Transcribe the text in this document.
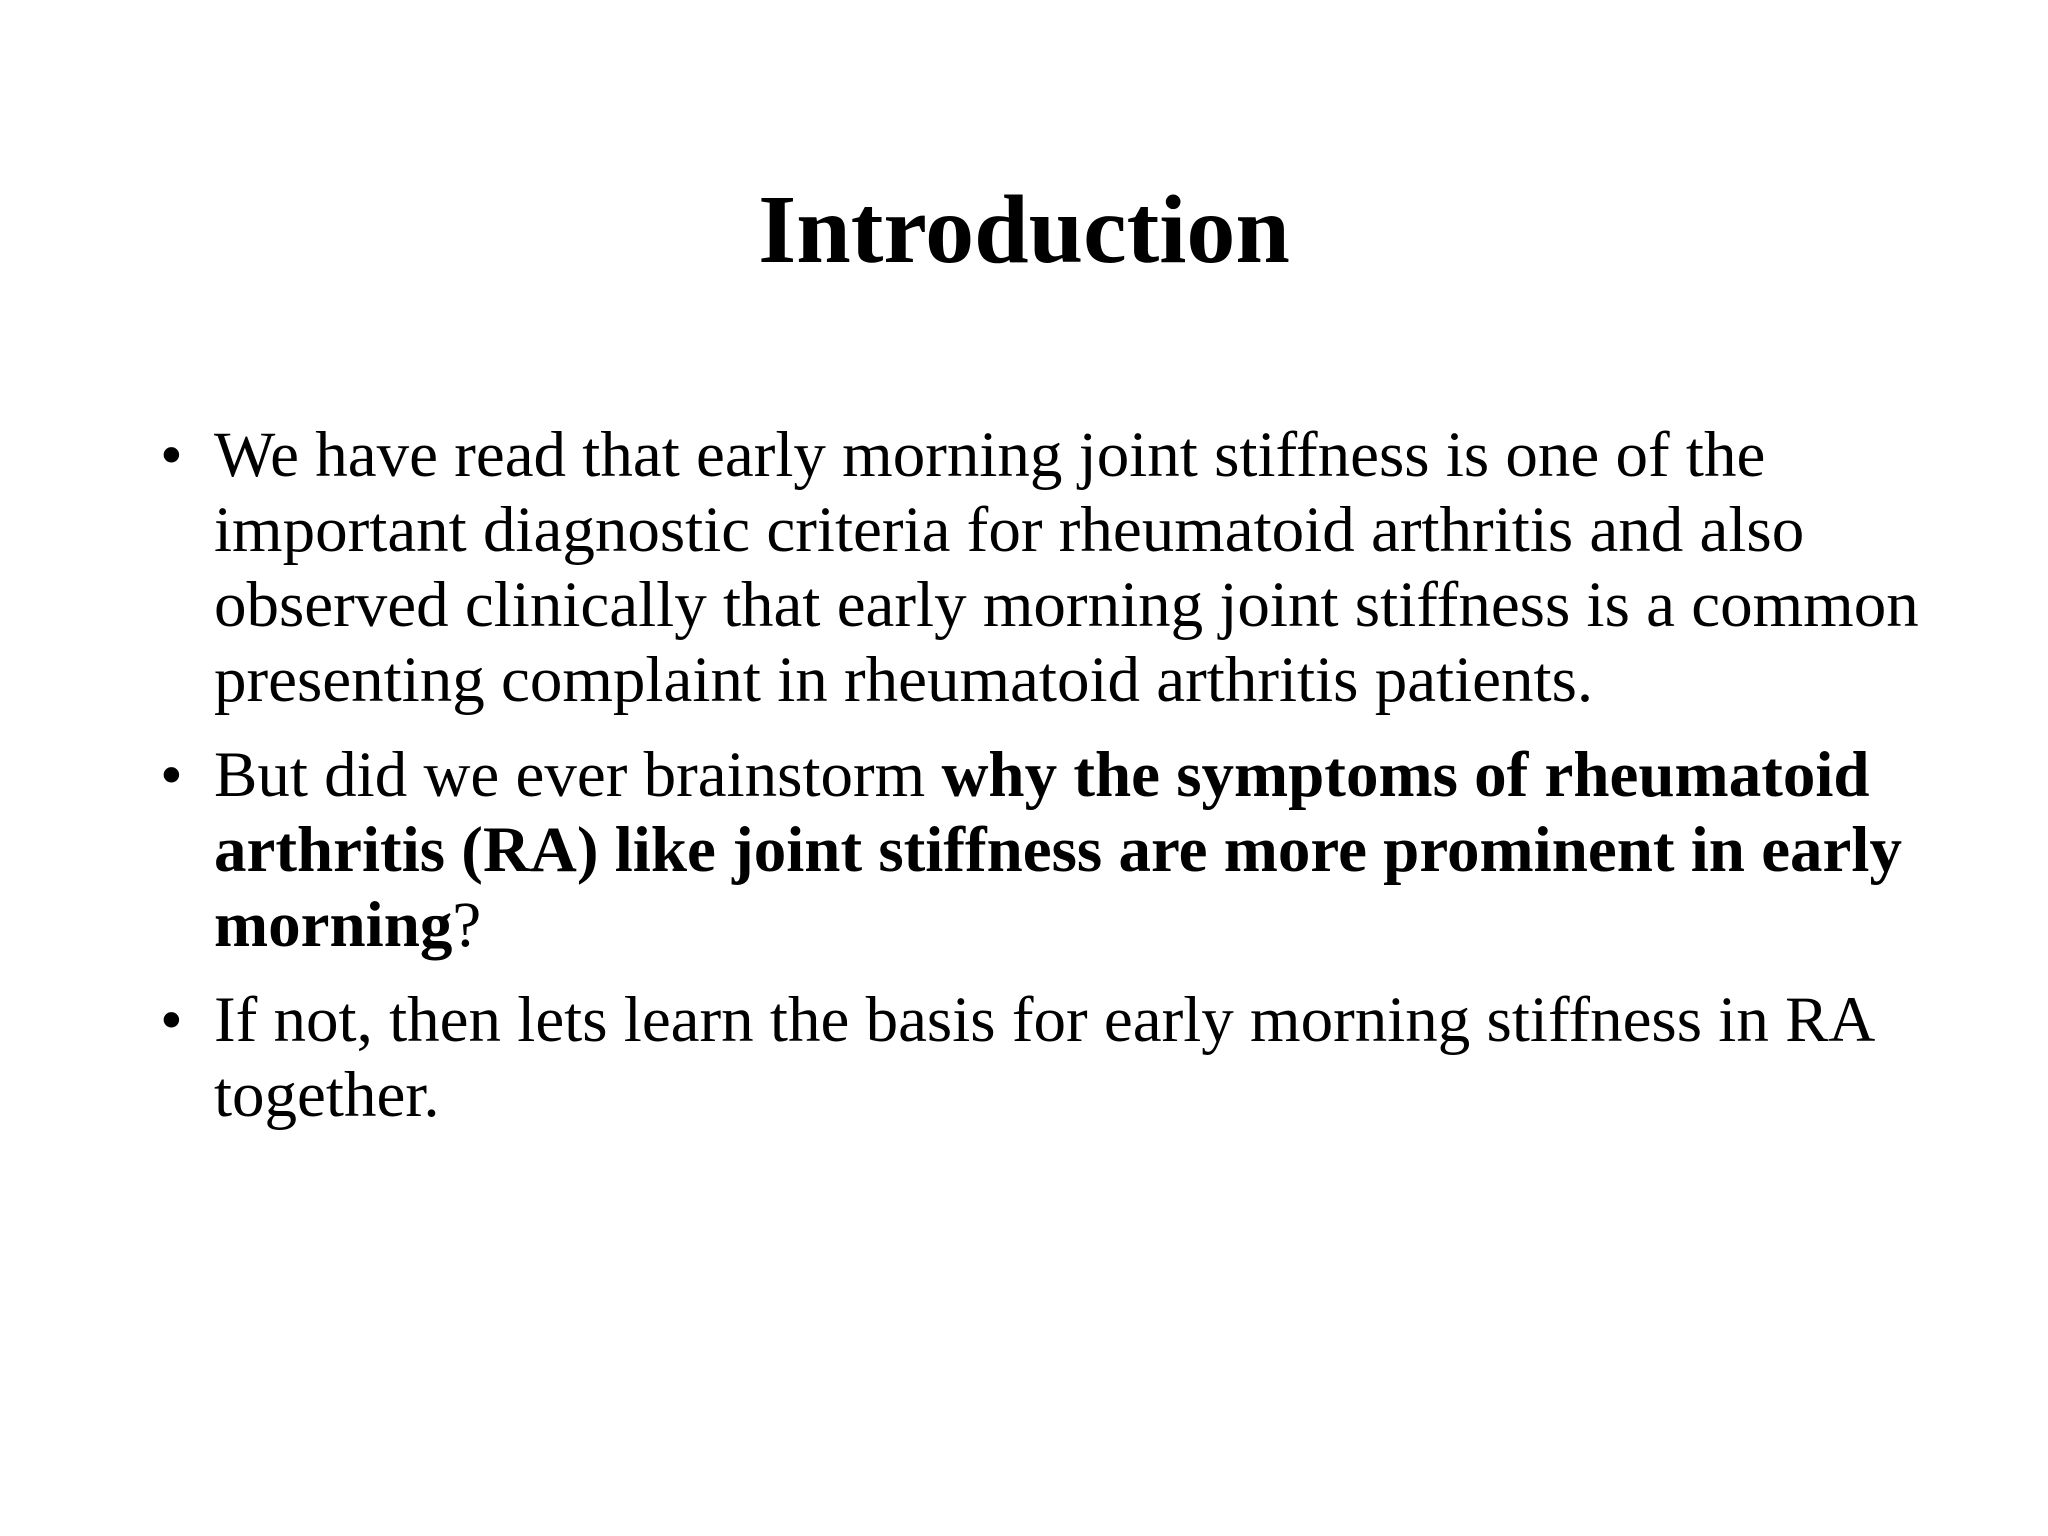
Introduction
• We have read that early morning joint stiffness is one of the important diagnostic criteria for rheumatoid arthritis and also observed clinically that early morning joint stiffness is a common presenting complaint in rheumatoid arthritis patients.
• But did we ever brainstorm why the symptoms of rheumatoid arthritis (RA) like joint stiffness are more prominent in early morning?
• If not, then lets learn the basis for early morning stiffness in RA together.
